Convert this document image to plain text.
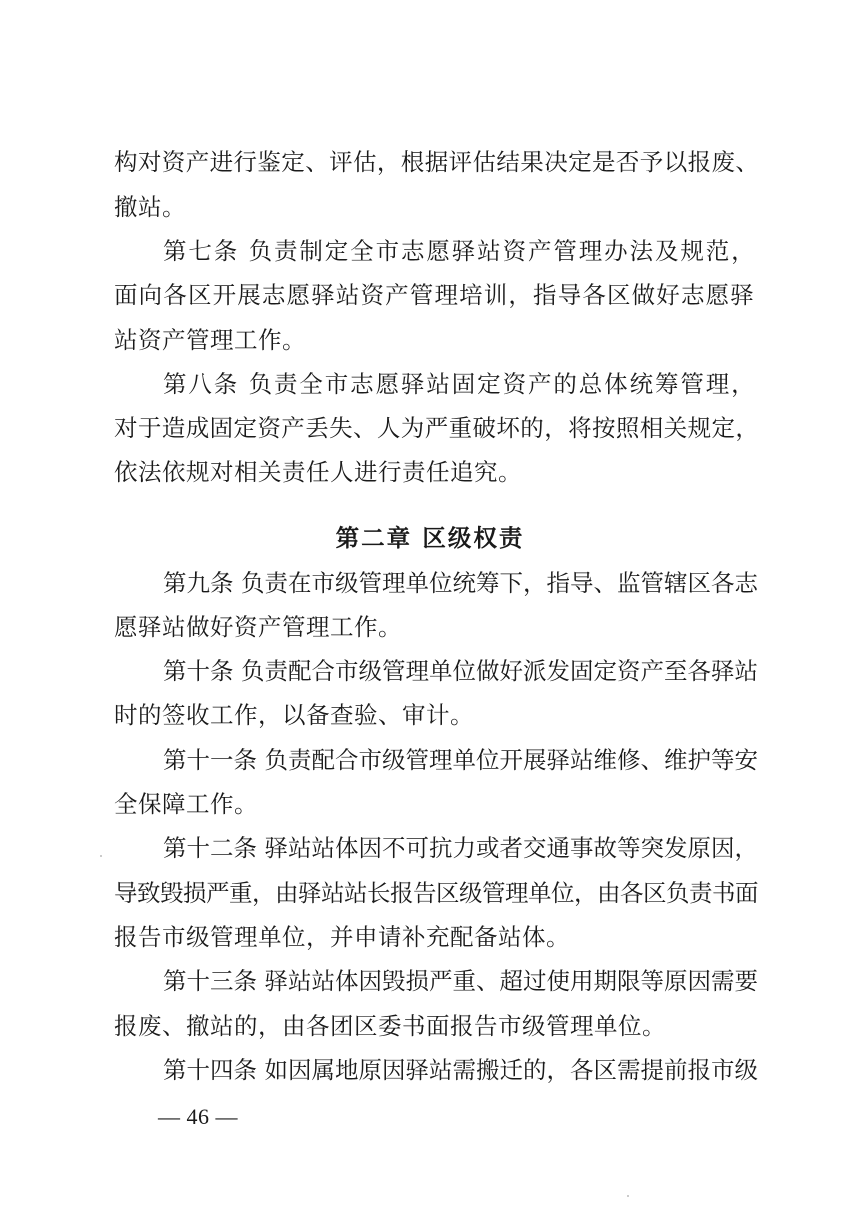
构对资产进行鉴定、评估，根据评估结果决定是否予以报废、
撤站。
第七条 负责制定全市志愿驿站资产管理办法及规范，
面向各区开展志愿驿站资产管理培训，指导各区做好志愿驿
站资产管理工作。
第八条 负责全市志愿驿站固定资产的总体统筹管理，
对于造成固定资产丢失、人为严重破坏的，将按照相关规定，
依法依规对相关责任人进行责任追究。
第二章 区级权责
第九条 负责在市级管理单位统筹下，指导、监管辖区各志
愿驿站做好资产管理工作。
第十条 负责配合市级管理单位做好派发固定资产至各驿站
时的签收工作，以备查验、审计。
第十一条 负责配合市级管理单位开展驿站维修、维护等安
全保障工作。
第十二条 驿站站体因不可抗力或者交通事故等突发原因，
导致毁损严重，由驿站站长报告区级管理单位，由各区负责书面
报告市级管理单位，并申请补充配备站体。
第十三条 驿站站体因毁损严重、超过使用期限等原因需要
报废、撤站的，由各团区委书面报告市级管理单位。
第十四条 如因属地原因驿站需搬迁的，各区需提前报市级
— 46 —
